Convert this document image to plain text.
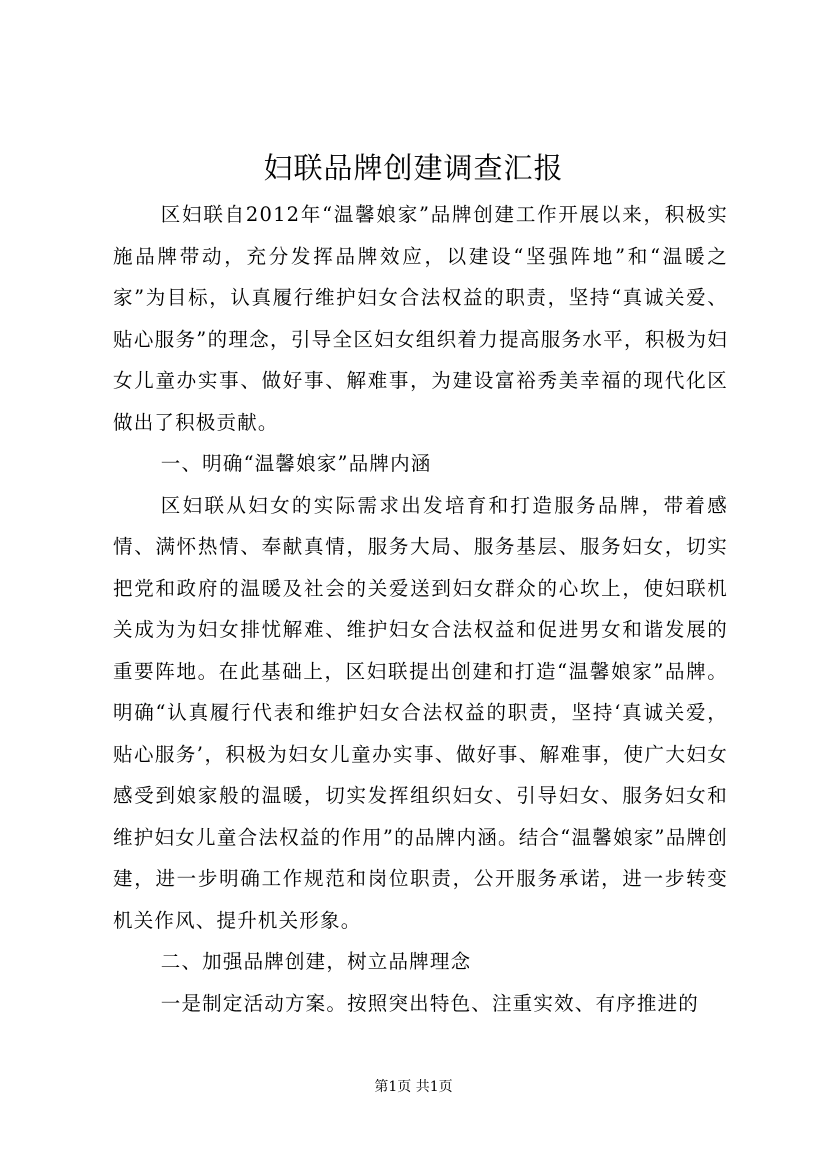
妇联品牌创建调查汇报

区妇联自2012年“温馨娘家”品牌创建工作开展以来，积极实施品牌带动，充分发挥品牌效应，以建设“坚强阵地”和“温暖之家”为目标，认真履行维护妇女合法权益的职责，坚持“真诚关爱、贴心服务”的理念，引导全区妇女组织着力提高服务水平，积极为妇女儿童办实事、做好事、解难事，为建设富裕秀美幸福的现代化区做出了积极贡献。

一、明确“温馨娘家”品牌内涵

区妇联从妇女的实际需求出发培育和打造服务品牌，带着感情、满怀热情、奉献真情，服务大局、服务基层、服务妇女，切实把党和政府的温暖及社会的关爱送到妇女群众的心坎上，使妇联机关成为为妇女排忧解难、维护妇女合法权益和促进男女和谐发展的重要阵地。在此基础上，区妇联提出创建和打造“温馨娘家”品牌。明确“认真履行代表和维护妇女合法权益的职责，坚持‘真诚关爱，贴心服务’，积极为妇女儿童办实事、做好事、解难事，使广大妇女感受到娘家般的温暖，切实发挥组织妇女、引导妇女、服务妇女和维护妇女儿童合法权益的作用”的品牌内涵。结合“温馨娘家”品牌创建，进一步明确工作规范和岗位职责，公开服务承诺，进一步转变机关作风、提升机关形象。

二、加强品牌创建，树立品牌理念

一是制定活动方案。按照突出特色、注重实效、有序推进的

第1页 共1页
